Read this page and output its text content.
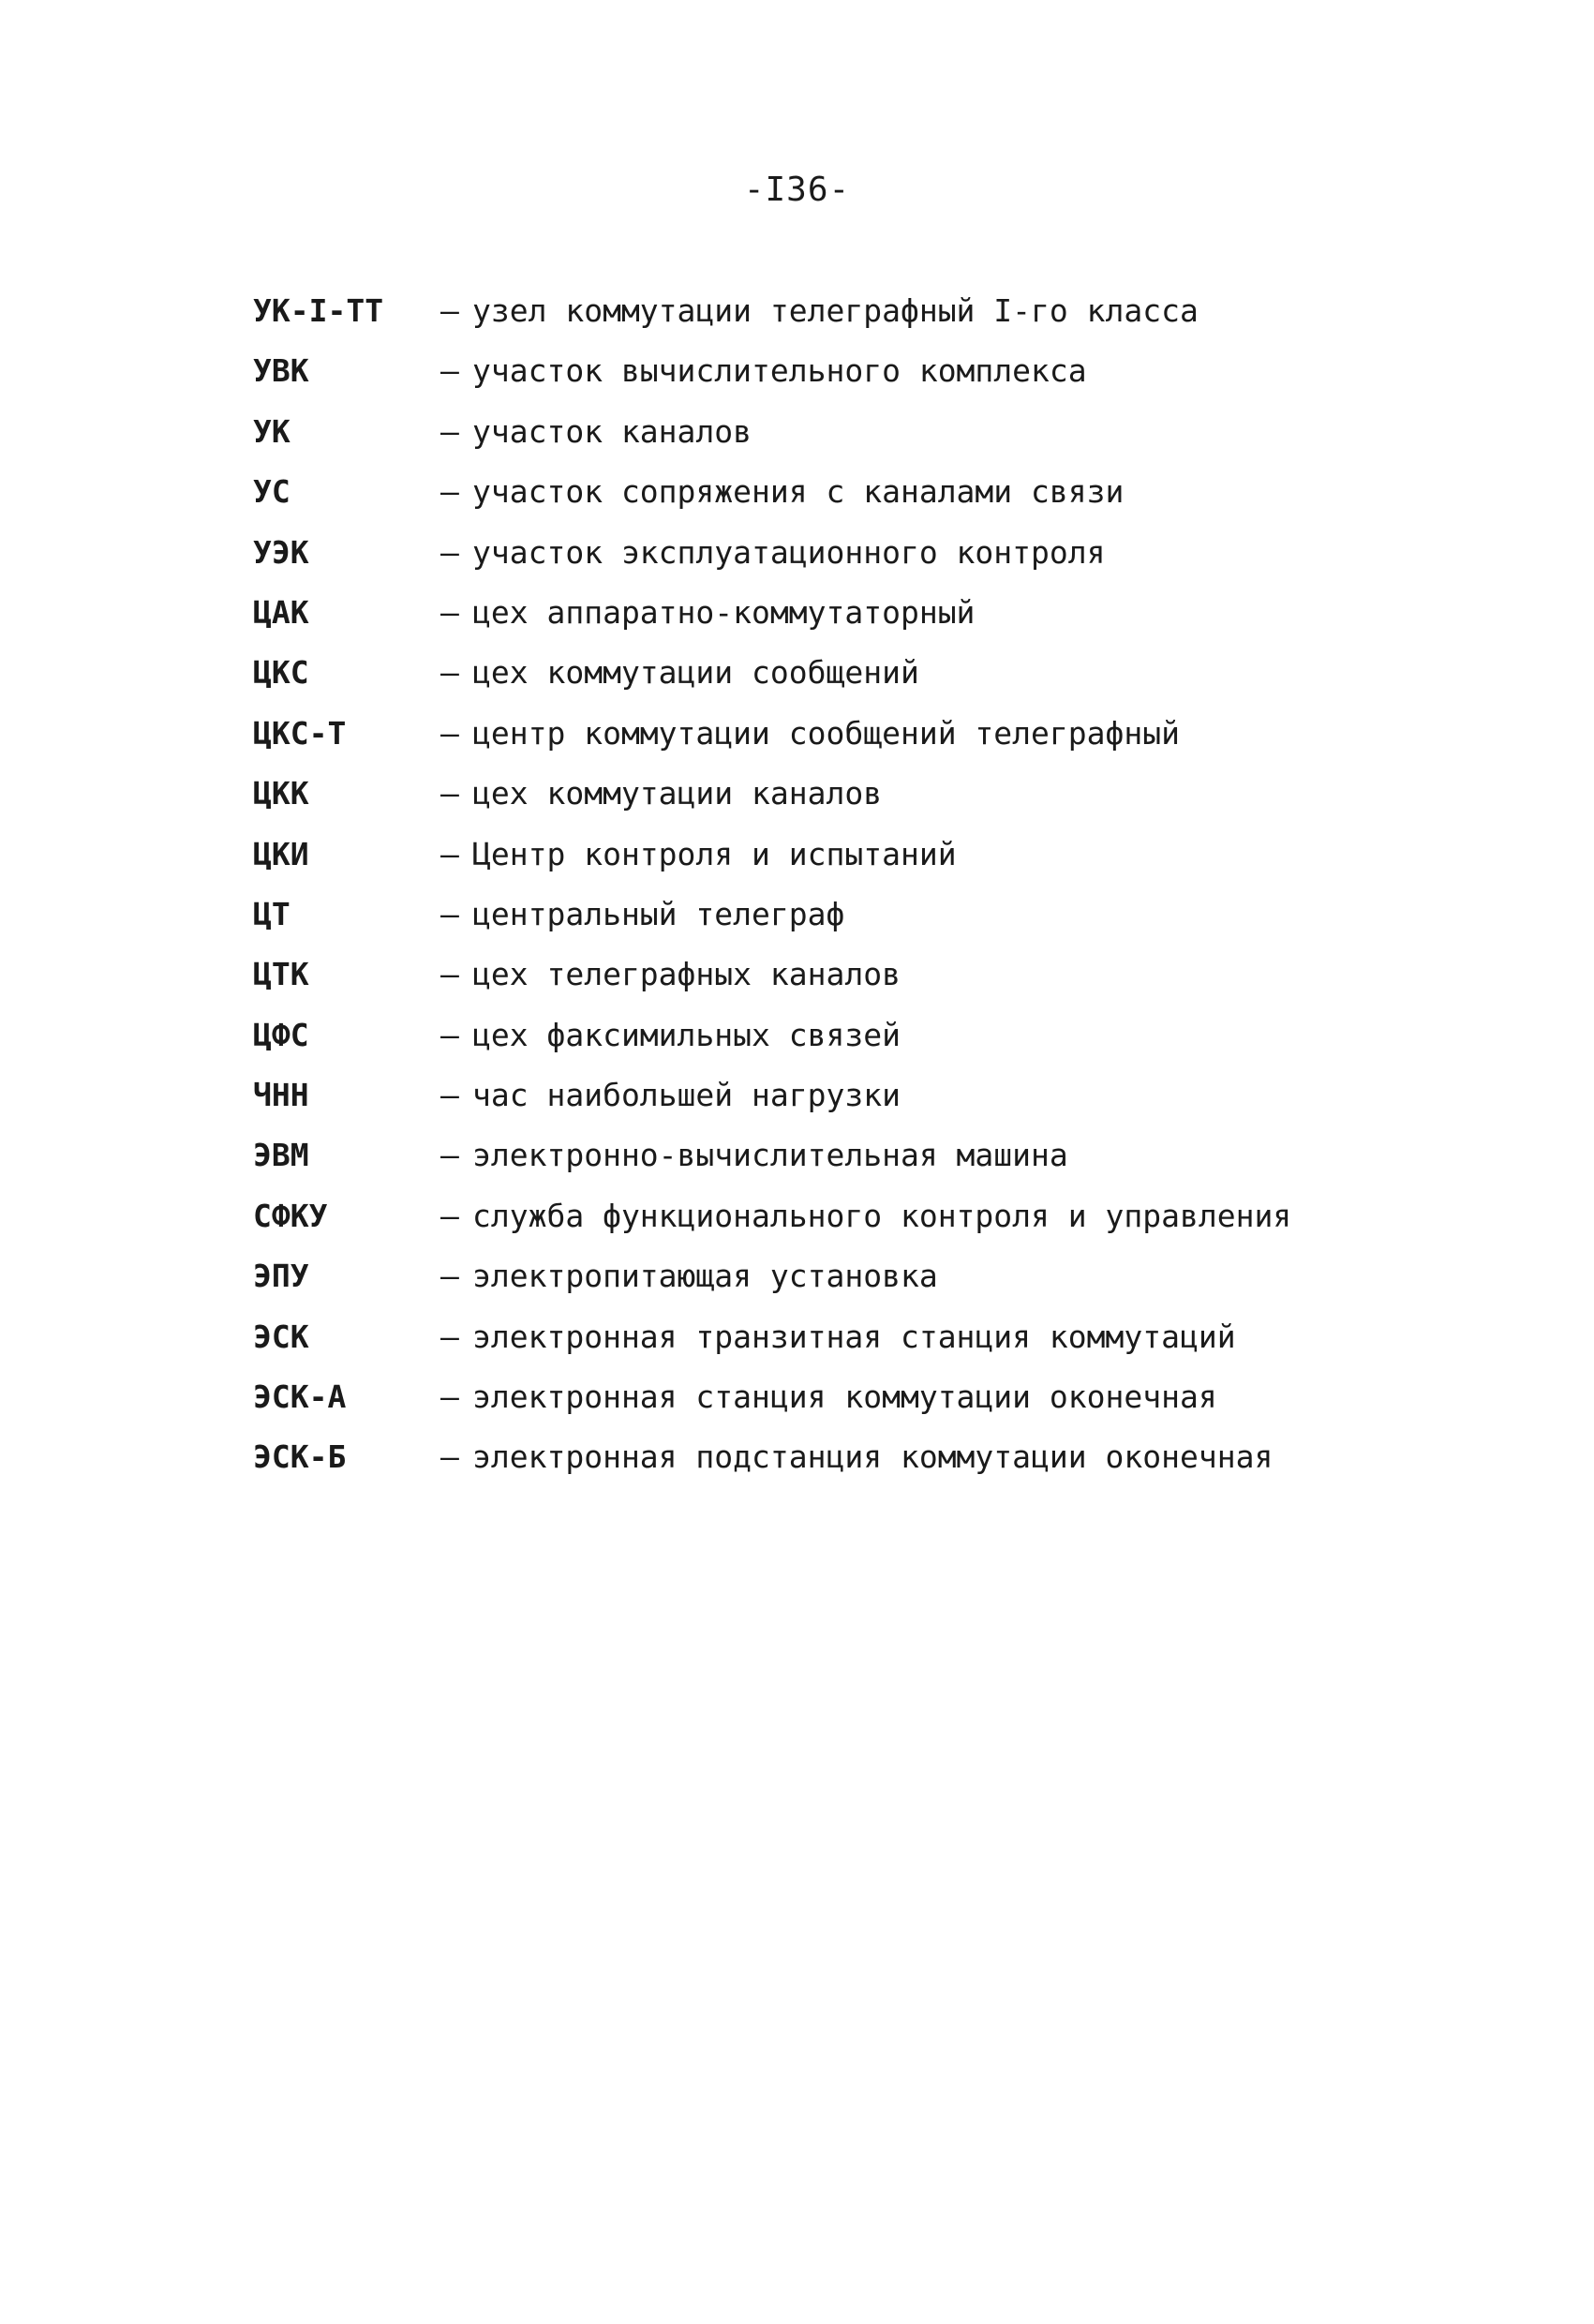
-I36-
УК-I-ТТ	– узел коммутации телеграфный I-го класса
УВК	– участок вычислительного комплекса
УК	– участок каналов
УС	– участок сопряжения с каналами связи
УЭК	– участок эксплуатационного контроля
ЦАК	– цех аппаратно-коммутаторный
ЦКС	– цех коммутации сообщений
ЦКС-Т	– центр коммутации сообщений телеграфный
ЦКК	– цех коммутации каналов
ЦКИ	– Центр контроля и испытаний
ЦТ	– центральный телеграф
ЦТК	– цех телеграфных каналов
ЦФС	– цех факсимильных связей
ЧНН	– час наибольшей нагрузки
ЭВМ	– электронно-вычислительная машина
СФКУ	– служба функционального контроля и управления
ЭПУ	– электропитающая установка
ЭСК	– электронная транзитная станция коммутаций
ЭСК-А	– электронная станция коммутации оконечная
ЭСК-Б	– электронная подстанция коммутации оконечная
